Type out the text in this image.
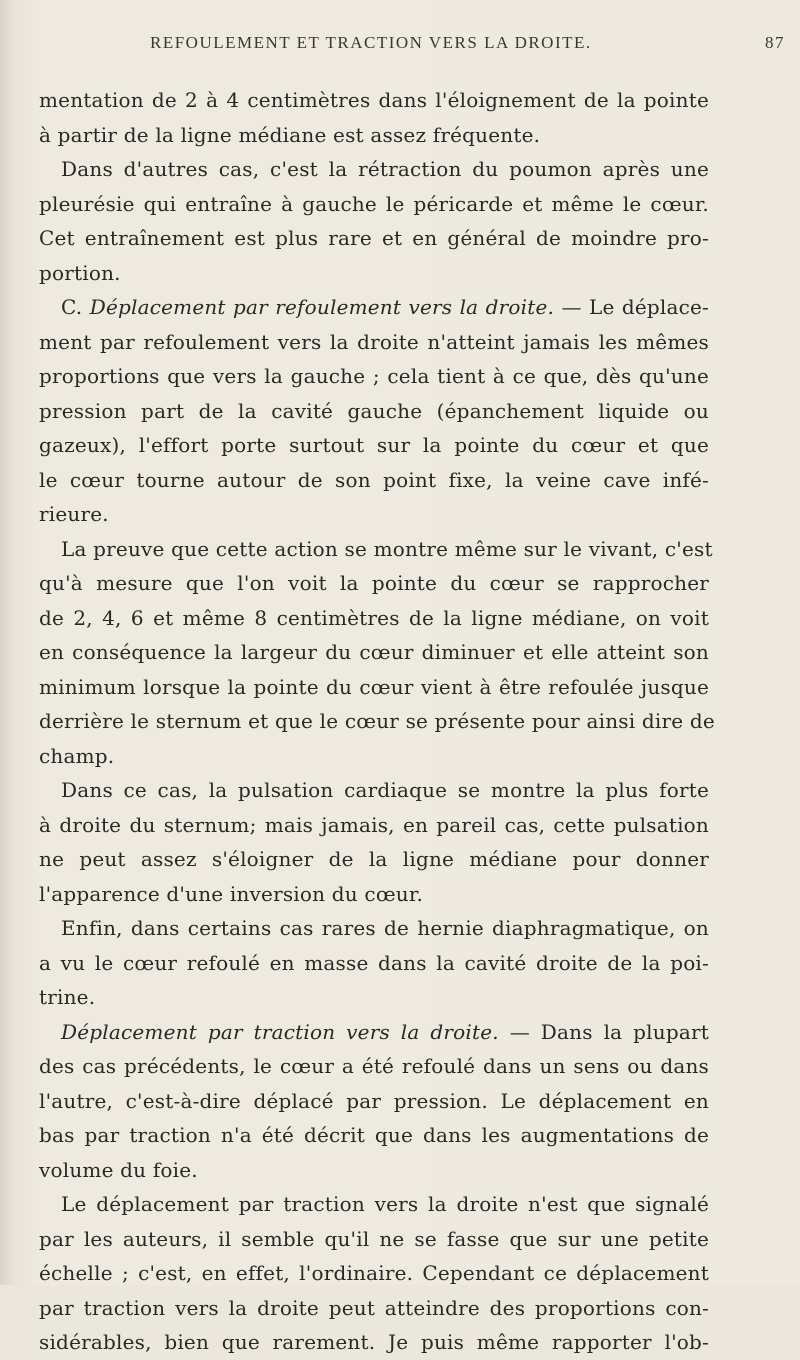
REFOULEMENT ET TRACTION VERS LA DROITE.	87
mentation de 2 à 4 centimètres dans l'éloignement de la pointe
à partir de la ligne médiane est assez fréquente.
Dans d'autres cas, c'est la rétraction du poumon après une
pleurésie qui entraîne à gauche le péricarde et même le cœur.
Cet entraînement est plus rare et en général de moindre pro-
portion.
C. Déplacement par refoulement vers la droite. — Le déplace-
ment par refoulement vers la droite n'atteint jamais les mêmes
proportions que vers la gauche ; cela tient à ce que, dès qu'une
pression part de la cavité gauche (épanchement liquide ou
gazeux), l'effort porte surtout sur la pointe du cœur et que
le cœur tourne autour de son point fixe, la veine cave infé-
rieure.
La preuve que cette action se montre même sur le vivant, c'est
qu'à mesure que l'on voit la pointe du cœur se rapprocher
de 2, 4, 6 et même 8 centimètres de la ligne médiane, on voit
en conséquence la largeur du cœur diminuer et elle atteint son
minimum lorsque la pointe du cœur vient à être refoulée jusque
derrière le sternum et que le cœur se présente pour ainsi dire de
champ.
Dans ce cas, la pulsation cardiaque se montre la plus forte
à droite du sternum; mais jamais, en pareil cas, cette pulsation
ne peut assez s'éloigner de la ligne médiane pour donner
l'apparence d'une inversion du cœur.
Enfin, dans certains cas rares de hernie diaphragmatique, on
a vu le cœur refoulé en masse dans la cavité droite de la poi-
trine.
Déplacement par traction vers la droite. — Dans la plupart
des cas précédents, le cœur a été refoulé dans un sens ou dans
l'autre, c'est-à-dire déplacé par pression. Le déplacement en
bas par traction n'a été décrit que dans les augmentations de
volume du foie.
Le déplacement par traction vers la droite n'est que signalé
par les auteurs, il semble qu'il ne se fasse que sur une petite
échelle ; c'est, en effet, l'ordinaire. Cependant ce déplacement
par traction vers la droite peut atteindre des proportions con-
sidérables, bien que rarement. Je puis même rapporter l'ob-
